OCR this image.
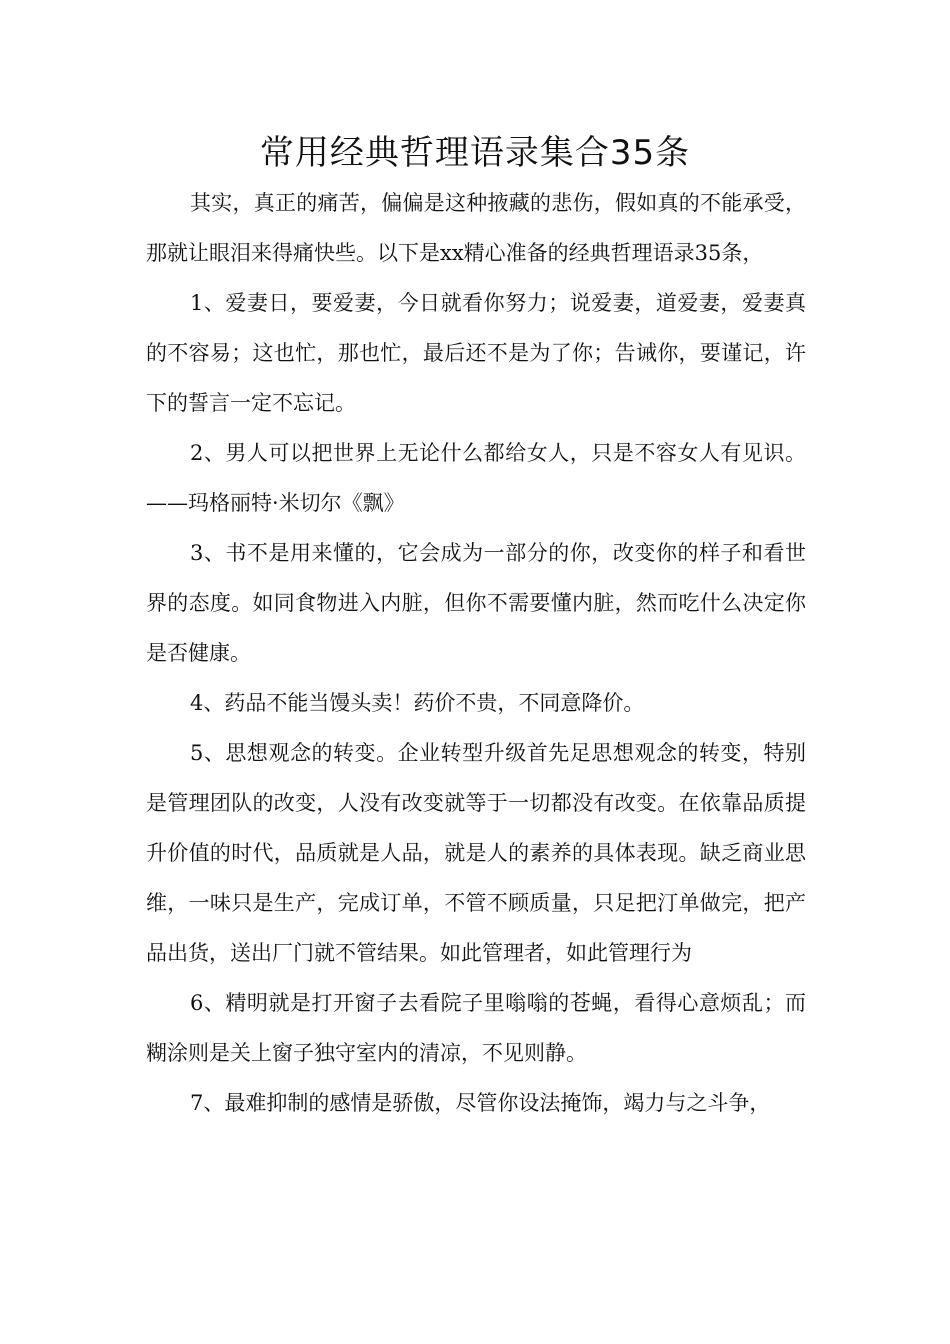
常用经典哲理语录集合35条

其实，真正的痛苦，偏偏是这种掖藏的悲伤，假如真的不能承受，那就让眼泪来得痛快些。以下是xx精心准备的经典哲理语录35条，

1、爱妻日，要爱妻，今日就看你努力；说爱妻，道爱妻，爱妻真的不容易；这也忙，那也忙，最后还不是为了你；告诫你，要谨记，许下的誓言一定不忘记。

2、男人可以把世界上无论什么都给女人，只是不容女人有见识。——玛格丽特·米切尔《飘》

3、书不是用来懂的，它会成为一部分的你，改变你的样子和看世界的态度。如同食物进入内脏，但你不需要懂内脏，然而吃什么决定你是否健康。

4、药品不能当馒头卖！药价不贵，不同意降价。

5、思想观念的转变。企业转型升级首先足思想观念的转变，特别是管理团队的改变，人没有改变就等于一切都没有改变。在依靠品质提升价值的时代，品质就是人品，就是人的素养的具体表现。缺乏商业思维，一味只是生产，完成订单，不管不顾质量，只足把汀单做完，把产品出货，送出厂门就不管结果。如此管理者，如此管理行为

6、精明就是打开窗子去看院子里嗡嗡的苍蝇，看得心意烦乱；而糊涂则是关上窗子独守室内的清凉，不见则静。

7、最难抑制的感情是骄傲，尽管你设法掩饰，竭力与之斗争，
